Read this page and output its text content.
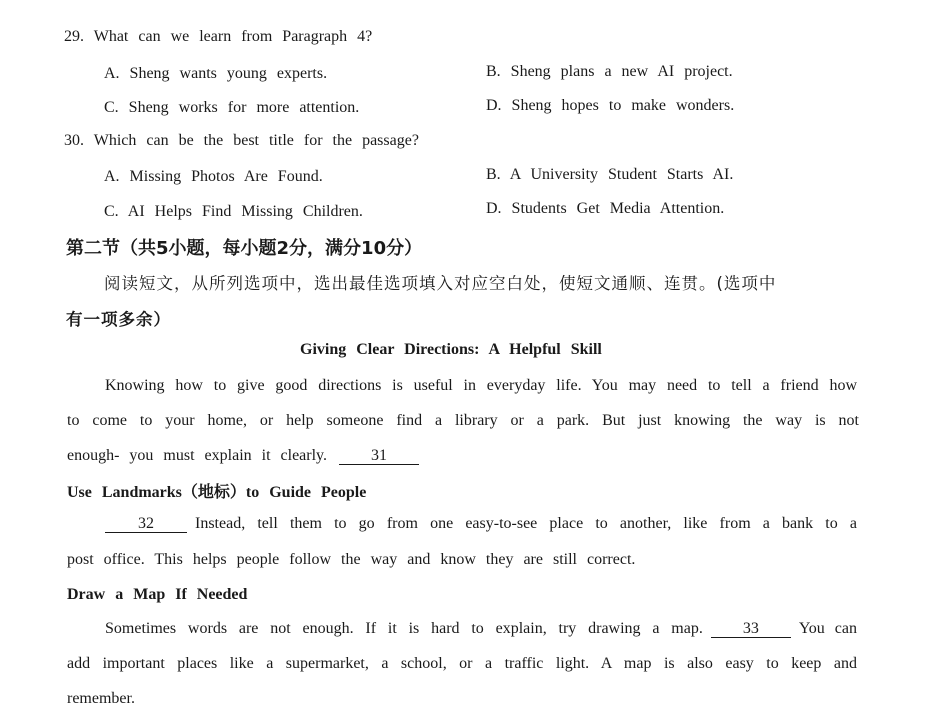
29. What can we learn from Paragraph 4?
A. Sheng wants young experts.	B. Sheng plans a new AI project.
C. Sheng works for more attention.	D. Sheng hopes to make wonders.
30. Which can be the best title for the passage?
A. Missing Photos Are Found.	B. A University Student Starts AI.
C. AI Helps Find Missing Children.	D. Students Get Media Attention.
第二节（共5小题，每小题2分，满分10分）
阅读短文，从所列选项中，选出最佳选项填入对应空白处，使短文通顺、连贯。(选项中
有一项多余）
Giving Clear Directions: A Helpful Skill
Knowing how to give good directions is useful in everyday life. You may need to tell a friend how
to come to your home, or help someone find a library or a park. But just knowing the way is not
enough- you must explain it clearly.	31
Use Landmarks（地标）to Guide People
32	Instead, tell them to go from one easy-to-see place to another, like from a bank to a
post office. This helps people follow the way and know they are still correct.
Draw a Map If Needed
Sometimes words are not enough. If it is hard to explain, try drawing a map.	33	You can
add important places like a supermarket, a school, or a traffic light. A map is also easy to keep and
remember.
